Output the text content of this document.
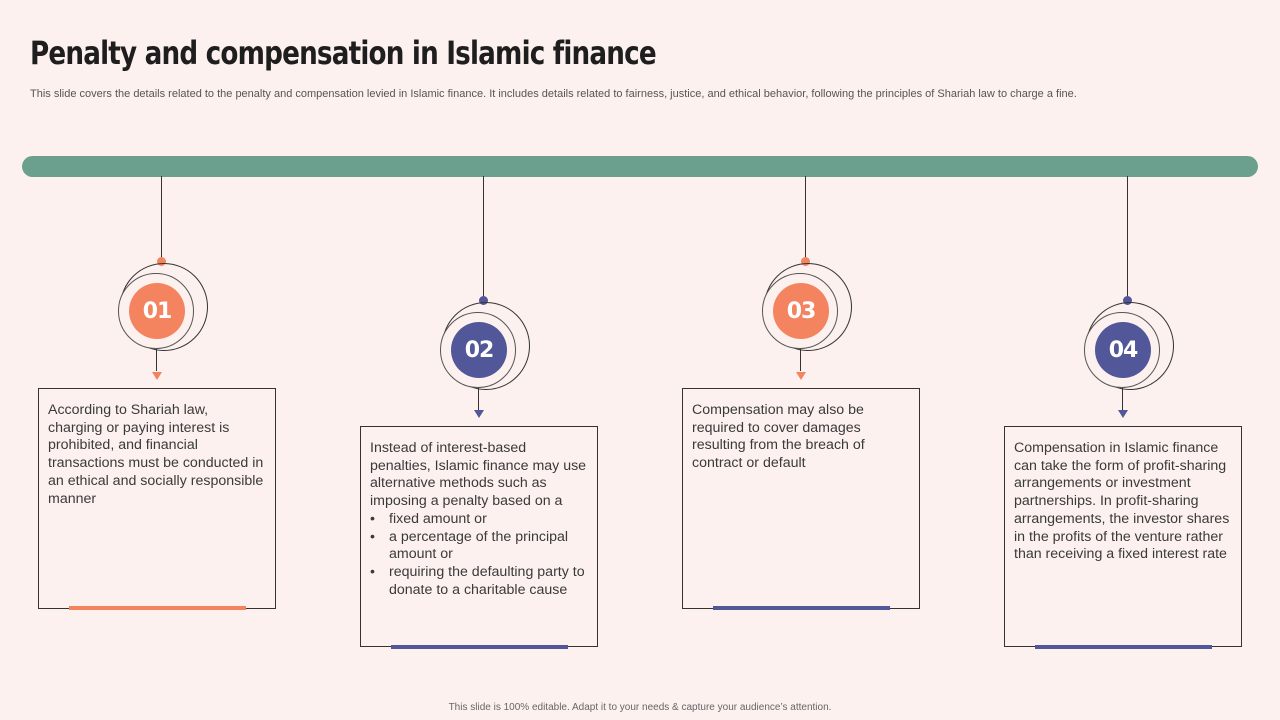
Penalty and compensation in Islamic finance
This slide covers the details related to the penalty and compensation levied in Islamic finance. It includes details related to fairness, justice, and ethical behavior, following the principles of Shariah law to charge a fine.
01
According to Shariah law, charging or paying interest is prohibited, and financial transactions must be conducted in an ethical and socially responsible manner
02
Instead of interest-based penalties, Islamic finance may use alternative methods such as imposing a penalty based on a
• fixed amount or
• a percentage of the principal amount or
• requiring the defaulting party to donate to a charitable cause
03
Compensation may also be required to cover damages resulting from the breach of contract or default
04
Compensation in Islamic finance can take the form of profit-sharing arrangements or investment partnerships. In profit-sharing arrangements, the investor shares in the profits of the venture rather than receiving a fixed interest rate
This slide is 100% editable. Adapt it to your needs & capture your audience’s attention.
